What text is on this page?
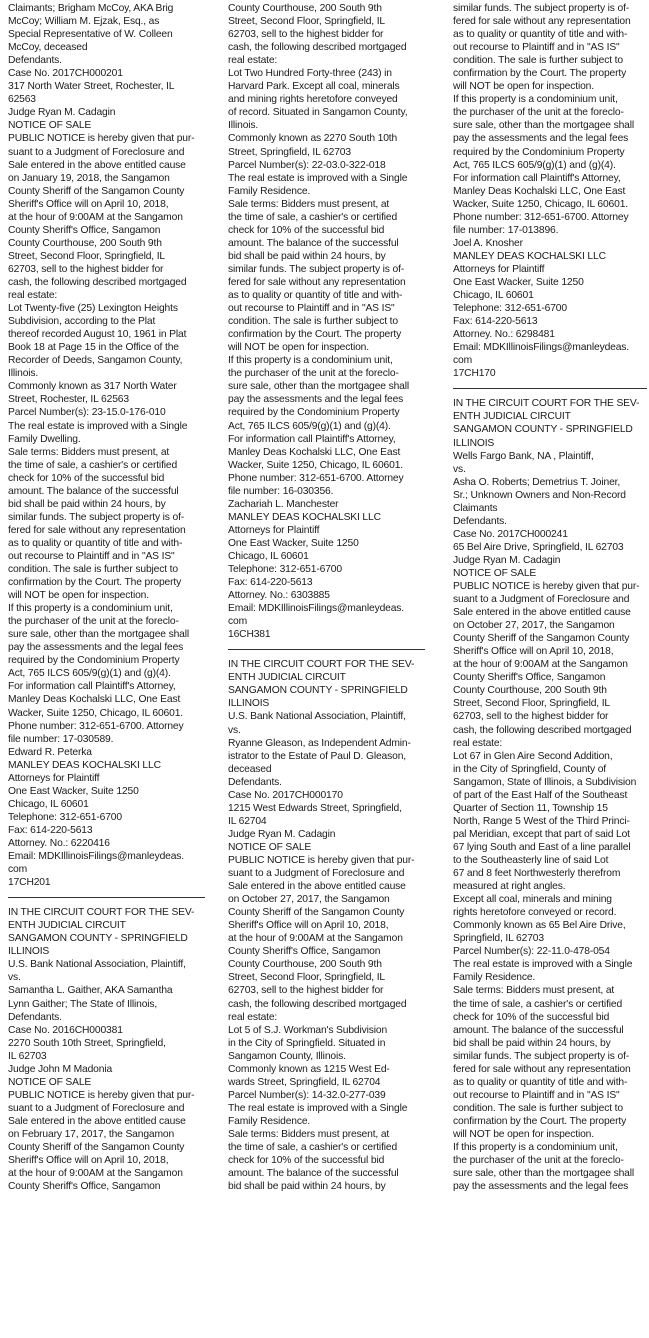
Claimants; Brigham McCoy, AKA Brig
McCoy; William M. Ejzak, Esq., as
Special Representative of W. Colleen
McCoy, deceased
Defendants.
Case No. 2017CH000201
317 North Water Street, Rochester, IL
62563
Judge Ryan M. Cadagin
NOTICE OF SALE
PUBLIC NOTICE is hereby given that pur-
suant to a Judgment of Foreclosure and
Sale entered in the above entitled cause
on January 19, 2018, the Sangamon
County Sheriff of the Sangamon County
Sheriff's Office will on April 10, 2018,
at the hour of 9:00AM at the Sangamon
County Sheriff's Office, Sangamon
County Courthouse, 200 South 9th
Street, Second Floor, Springfield, IL
62703, sell to the highest bidder for
cash, the following described mortgaged
real estate:
Lot Twenty-five (25) Lexington Heights
Subdivision, according to the Plat
thereof recorded August 10, 1961 in Plat
Book 18 at Page 15 in the Office of the
Recorder of Deeds, Sangamon County,
Illinois.
Commonly known as 317 North Water
Street, Rochester, IL 62563
Parcel Number(s): 23-15.0-176-010
The real estate is improved with a Single
Family Dwelling.
Sale terms: Bidders must present, at
the time of sale, a cashier's or certified
check for 10% of the successful bid
amount. The balance of the successful
bid shall be paid within 24 hours, by
similar funds. The subject property is of-
fered for sale without any representation
as to quality or quantity of title and with-
out recourse to Plaintiff and in "AS IS"
condition. The sale is further subject to
confirmation by the Court. The property
will NOT be open for inspection.
If this property is a condominium unit,
the purchaser of the unit at the foreclo-
sure sale, other than the mortgagee shall
pay the assessments and the legal fees
required by the Condominium Property
Act, 765 ILCS 605/9(g)(1) and (g)(4).
For information call Plaintiff's Attorney,
Manley Deas Kochalski LLC, One East
Wacker, Suite 1250, Chicago, IL 60601.
Phone number: 312-651-6700. Attorney
file number: 17-030589.
Edward R. Peterka
MANLEY DEAS KOCHALSKI LLC
Attorneys for Plaintiff
One East Wacker, Suite 1250
Chicago, IL 60601
Telephone: 312-651-6700
Fax: 614-220-5613
Attorney. No.: 6220416
Email: MDKIllinoisFilings@manleydeas.
com
17CH201
IN THE CIRCUIT COURT FOR THE SEV-
ENTH JUDICIAL CIRCUIT
SANGAMON COUNTY - SPRINGFIELD
ILLINOIS
U.S. Bank National Association, Plaintiff,
vs.
Samantha L. Gaither, AKA Samantha
Lynn Gaither; The State of Illinois,
Defendants.
Case No. 2016CH000381
2270 South 10th Street, Springfield,
IL 62703
Judge John M Madonia
NOTICE OF SALE
PUBLIC NOTICE is hereby given that pur-
suant to a Judgment of Foreclosure and
Sale entered in the above entitled cause
on February 17, 2017, the Sangamon
County Sheriff of the Sangamon County
Sheriff's Office will on April 10, 2018,
at the hour of 9:00AM at the Sangamon
County Sheriff's Office, Sangamon
County Courthouse, 200 South 9th
Street, Second Floor, Springfield, IL
62703, sell to the highest bidder for
cash, the following described mortgaged
real estate:
Lot Two Hundred Forty-three (243) in
Harvard Park. Except all coal, minerals
and mining rights heretofore conveyed
of record. Situated in Sangamon County,
Illinois.
Commonly known as 2270 South 10th
Street, Springfield, IL 62703
Parcel Number(s): 22-03.0-322-018
The real estate is improved with a Single
Family Residence.
Sale terms: Bidders must present, at
the time of sale, a cashier's or certified
check for 10% of the successful bid
amount. The balance of the successful
bid shall be paid within 24 hours, by
similar funds. The subject property is of-
fered for sale without any representation
as to quality or quantity of title and with-
out recourse to Plaintiff and in "AS IS"
condition. The sale is further subject to
confirmation by the Court. The property
will NOT be open for inspection.
If this property is a condominium unit,
the purchaser of the unit at the foreclo-
sure sale, other than the mortgagee shall
pay the assessments and the legal fees
required by the Condominium Property
Act, 765 ILCS 605/9(g)(1) and (g)(4).
For information call Plaintiff's Attorney,
Manley Deas Kochalski LLC, One East
Wacker, Suite 1250, Chicago, IL 60601.
Phone number: 312-651-6700. Attorney
file number: 16-030356.
Zachariah L. Manchester
MANLEY DEAS KOCHALSKI LLC
Attorneys for Plaintiff
One East Wacker, Suite 1250
Chicago, IL 60601
Telephone: 312-651-6700
Fax: 614-220-5613
Attorney. No.: 6303885
Email: MDKIllinoisFilings@manleydeas.
com
16CH381
IN THE CIRCUIT COURT FOR THE SEV-
ENTH JUDICIAL CIRCUIT
SANGAMON COUNTY - SPRINGFIELD
ILLINOIS
U.S. Bank National Association, Plaintiff,
vs.
Ryanne Gleason, as Independent Admin-
istrator to the Estate of Paul D. Gleason,
deceased
Defendants.
Case No. 2017CH000170
1215 West Edwards Street, Springfield,
IL 62704
Judge Ryan M. Cadagin
NOTICE OF SALE
PUBLIC NOTICE is hereby given that pur-
suant to a Judgment of Foreclosure and
Sale entered in the above entitled cause
on October 27, 2017, the Sangamon
County Sheriff of the Sangamon County
Sheriff's Office will on April 10, 2018,
at the hour of 9:00AM at the Sangamon
County Sheriff's Office, Sangamon
County Courthouse, 200 South 9th
Street, Second Floor, Springfield, IL
62703, sell to the highest bidder for
cash, the following described mortgaged
real estate:
Lot 5 of S.J. Workman's Subdivision
in the City of Springfield. Situated in
Sangamon County, Illinois.
Commonly known as 1215 West Ed-
wards Street, Springfield, IL 62704
Parcel Number(s): 14-32.0-277-039
The real estate is improved with a Single
Family Residence.
Sale terms: Bidders must present, at
the time of sale, a cashier's or certified
check for 10% of the successful bid
amount. The balance of the successful
bid shall be paid within 24 hours, by
similar funds. The subject property is of-
fered for sale without any representation
as to quality or quantity of title and with-
out recourse to Plaintiff and in "AS IS"
condition. The sale is further subject to
confirmation by the Court. The property
will NOT be open for inspection.
If this property is a condominium unit,
the purchaser of the unit at the foreclo-
sure sale, other than the mortgagee shall
pay the assessments and the legal fees
required by the Condominium Property
Act, 765 ILCS 605/9(g)(1) and (g)(4).
For information call Plaintiff's Attorney,
Manley Deas Kochalski LLC, One East
Wacker, Suite 1250, Chicago, IL 60601.
Phone number: 312-651-6700. Attorney
file number: 17-013896.
Joel A. Knosher
MANLEY DEAS KOCHALSKI LLC
Attorneys for Plaintiff
One East Wacker, Suite 1250
Chicago, IL 60601
Telephone: 312-651-6700
Fax: 614-220-5613
Attorney. No.: 6298481
Email: MDKIllinoisFilings@manleydeas.
com
17CH170
IN THE CIRCUIT COURT FOR THE SEV-
ENTH JUDICIAL CIRCUIT
SANGAMON COUNTY - SPRINGFIELD
ILLINOIS
Wells Fargo Bank, NA , Plaintiff,
vs.
Asha O. Roberts; Demetrius T. Joiner,
Sr.; Unknown Owners and Non-Record
Claimants
Defendants.
Case No. 2017CH000241
65 Bel Aire Drive, Springfield, IL 62703
Judge Ryan M. Cadagin
NOTICE OF SALE
PUBLIC NOTICE is hereby given that pur-
suant to a Judgment of Foreclosure and
Sale entered in the above entitled cause
on October 27, 2017, the Sangamon
County Sheriff of the Sangamon County
Sheriff's Office will on April 10, 2018,
at the hour of 9:00AM at the Sangamon
County Sheriff's Office, Sangamon
County Courthouse, 200 South 9th
Street, Second Floor, Springfield, IL
62703, sell to the highest bidder for
cash, the following described mortgaged
real estate:
Lot 67 in Glen Aire Second Addition,
in the City of Springfield, County of
Sangamon, State of Illinois, a Subdivision
of part of the East Half of the Southeast
Quarter of Section 11, Township 15
North, Range 5 West of the Third Princi-
pal Meridian, except that part of said Lot
67 lying South and East of a line parallel
to the Southeasterly line of said Lot
67 and 8 feet Northwesterly therefrom
measured at right angles.
Except all coal, minerals and mining
rights heretofore conveyed or record.
Commonly known as 65 Bel Aire Drive,
Springfield, IL 62703
Parcel Number(s): 22-11.0-478-054
The real estate is improved with a Single
Family Residence.
Sale terms: Bidders must present, at
the time of sale, a cashier's or certified
check for 10% of the successful bid
amount. The balance of the successful
bid shall be paid within 24 hours, by
similar funds. The subject property is of-
fered for sale without any representation
as to quality or quantity of title and with-
out recourse to Plaintiff and in "AS IS"
condition. The sale is further subject to
confirmation by the Court. The property
will NOT be open for inspection.
If this property is a condominium unit,
the purchaser of the unit at the foreclo-
sure sale, other than the mortgagee shall
pay the assessments and the legal fees
